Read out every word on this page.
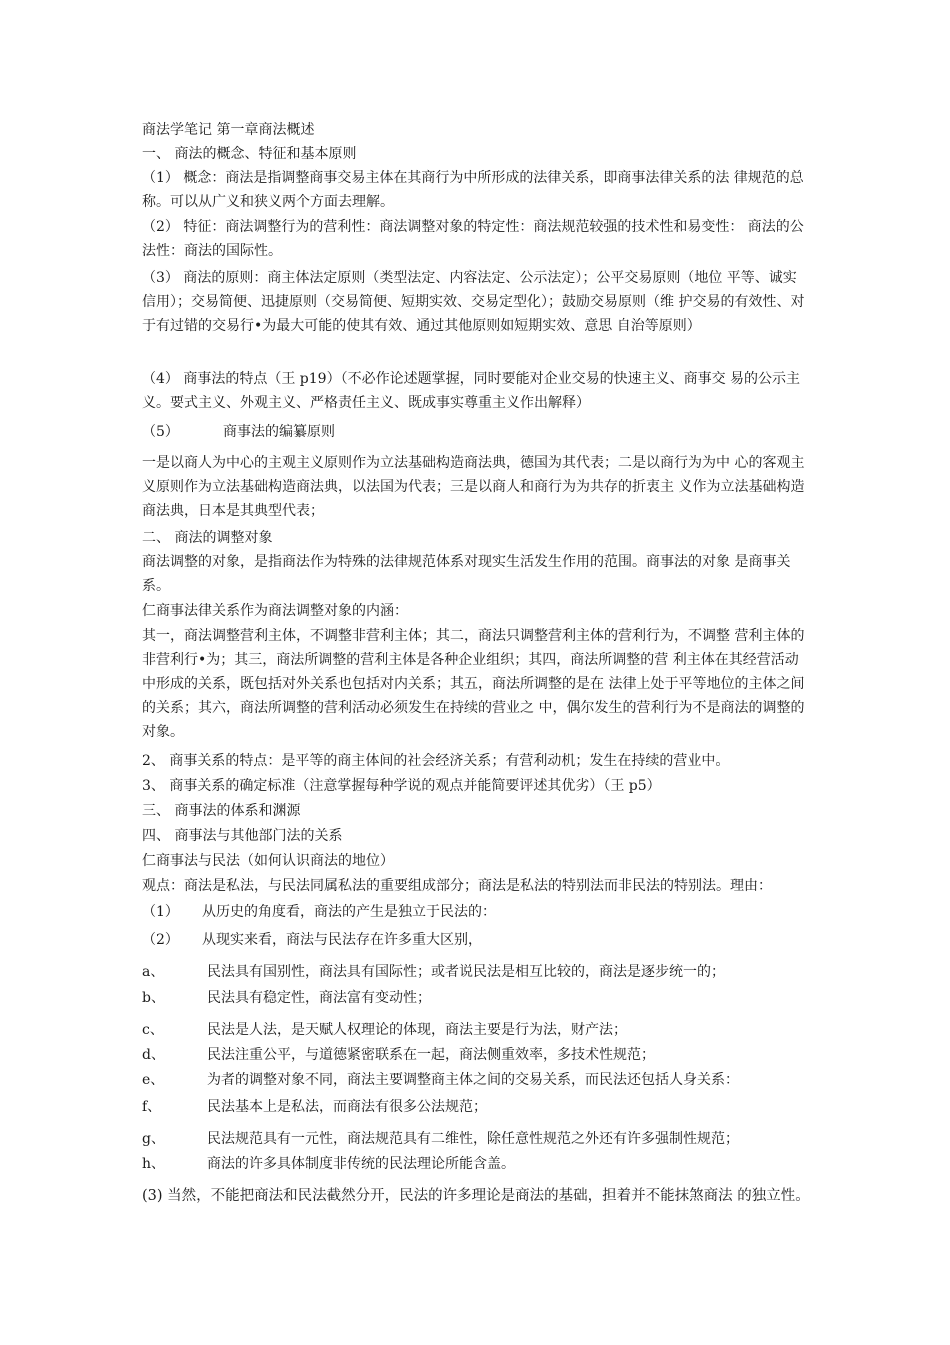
商法学笔记 第一章商法概述
一、 商法的概念、特征和基本原则
（1） 概念：商法是指调整商事交易主体在其商行为中所形成的法律关系，即商事法律关系的法 律规范的总称。可以从广义和狭义两个方面去理解。
（2） 特征：商法调整行为的营利性：商法调整对象的特定性：商法规范较强的技术性和易变性： 商法的公法性：商法的国际性。
（3） 商法的原则：商主体法定原则（类型法定、内容法定、公示法定）；公平交易原则（地位 平等、诚实信用）；交易简便、迅捷原则（交易简便、短期实效、交易定型化）；鼓励交易原则（维 护交易的有效性、对于有过错的交易行•为最大可能的使其有效、通过其他原则如短期实效、意思 自治等原则）
（4） 商事法的特点（王 p19）（不必作论述题掌握，同时要能对企业交易的快速主义、商事交 易的公示主义。要式主义、外观主义、严格责任主义、既成事实尊重主义作出解释）
（5）	商事法的编纂原则
一是以商人为中心的主观主义原则作为立法基础构造商法典，德国为其代表；二是以商行为为中 心的客观主义原则作为立法基础构造商法典，以法国为代表；三是以商人和商行为为共存的折衷主 义作为立法基础构造商法典，日本是其典型代表；
二、 商法的调整对象
商法调整的对象，是指商法作为特殊的法律规范体系对现实生活发生作用的范围。商事法的对象 是商事关系。
仁商事法律关系作为商法调整对象的内涵：
其一，商法调整营利主体，不调整非营利主体；其二，商法只调整营利主体的营利行为，不调整 营利主体的非营利行•为；其三，商法所调整的营利主体是各种企业组织；其四，商法所调整的营 利主体在其经营活动中形成的关系，既包括对外关系也包括对内关系；其五，商法所调整的是在 法律上处于平等地位的主体之间的关系；其六，商法所调整的营利活动必须发生在持续的营业之 中，偶尔发生的营利行为不是商法的调整的对象。
2、 商事关系的特点：是平等的商主体间的社会经济关系；有营利动机；发生在持续的营业中。
3、 商事关系的确定标准（注意掌握每种学说的观点并能简要评述其优劣）（王 p5）
三、 商事法的体系和渊源
四、 商事法与其他部门法的关系
仁商事法与民法（如何认识商法的地位）
观点：商法是私法，与民法同属私法的重要组成部分；商法是私法的特别法而非民法的特别法。理由：
（1） 从历史的角度看，商法的产生是独立于民法的：
（2） 从现实来看，商法与民法存在许多重大区别，
a、	民法具有国别性，商法具有国际性；或者说民法是相互比较的，商法是逐步统一的；
b、	民法具有稳定性，商法富有变动性；
c、	民法是人法，是天赋人权理论的体现，商法主要是行为法，财产法；
d、	民法注重公平，与道德紧密联系在一起，商法侧重效率，多技术性规范；
e、	为者的调整对象不同，商法主要调整商主体之间的交易关系，而民法还包括人身关系：
f、	民法基本上是私法，而商法有很多公法规范；
g、	民法规范具有一元性，商法规范具有二维性，除任意性规范之外还有许多强制性规范；
h、	商法的许多具体制度非传统的民法理论所能含盖。
(3) 当然，不能把商法和民法截然分开，民法的许多理论是商法的基础，担着并不能抹煞商法 的独立性。
